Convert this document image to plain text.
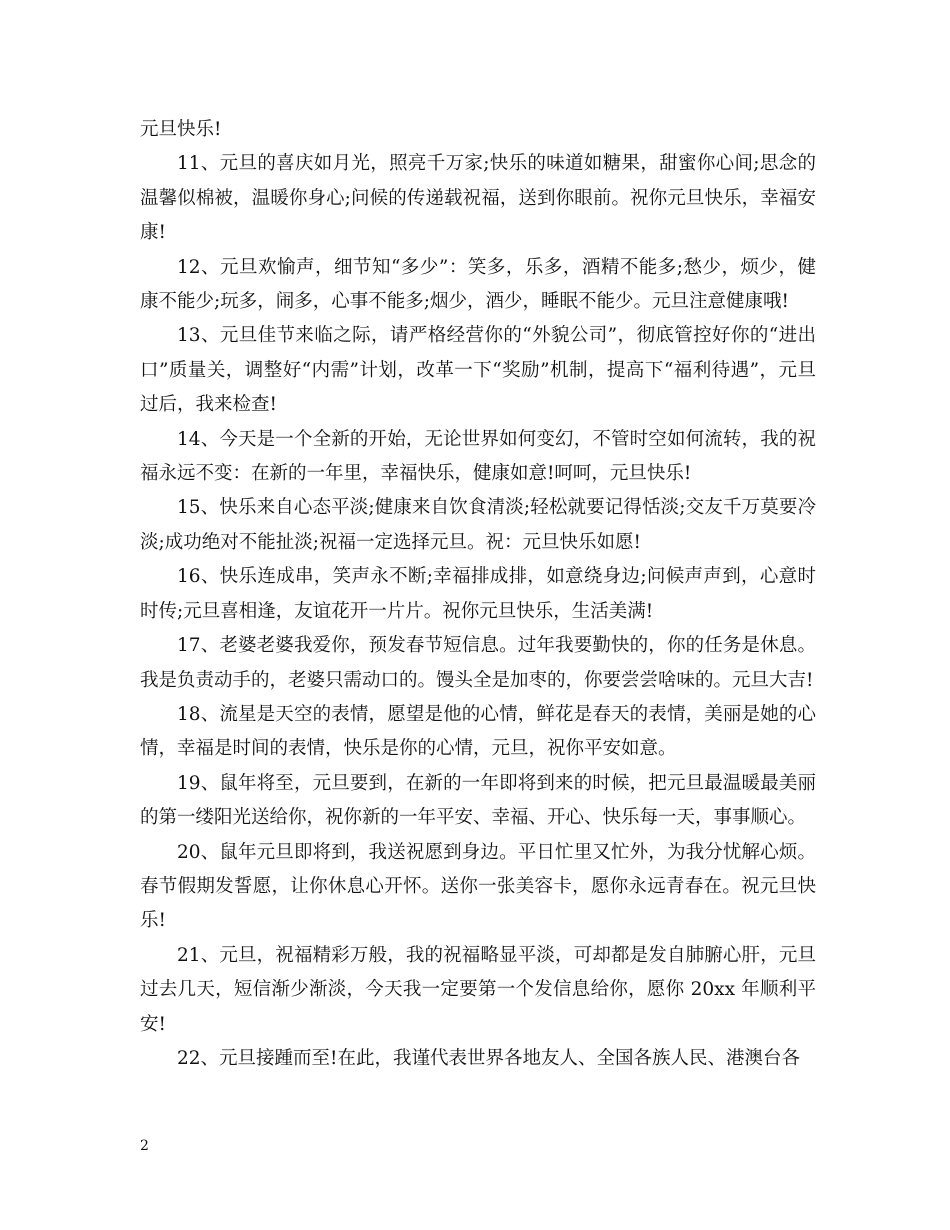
元旦快乐!

11、元旦的喜庆如月光，照亮千万家;快乐的味道如糖果，甜蜜你心间;思念的温馨似棉被，温暖你身心;问候的传递载祝福，送到你眼前。祝你元旦快乐，幸福安康!

12、元旦欢愉声，细节知“多少”：笑多，乐多，酒精不能多;愁少，烦少，健康不能少;玩多，闹多，心事不能多;烟少，酒少，睡眠不能少。元旦注意健康哦!

13、元旦佳节来临之际，请严格经营你的“外貌公司”，彻底管控好你的“进出口”质量关，调整好“内需”计划，改革一下“奖励”机制，提高下“福利待遇”，元旦过后，我来检查!

14、今天是一个全新的开始，无论世界如何变幻，不管时空如何流转，我的祝福永远不变：在新的一年里，幸福快乐，健康如意!呵呵，元旦快乐!

15、快乐来自心态平淡;健康来自饮食清淡;轻松就要记得恬淡;交友千万莫要冷淡;成功绝对不能扯淡;祝福一定选择元旦。祝：元旦快乐如愿!

16、快乐连成串，笑声永不断;幸福排成排，如意绕身边;问候声声到，心意时时传;元旦喜相逢，友谊花开一片片。祝你元旦快乐，生活美满!

17、老婆老婆我爱你，预发春节短信息。过年我要勤快的，你的任务是休息。我是负责动手的，老婆只需动口的。馒头全是加枣的，你要尝尝啥味的。元旦大吉!

18、流星是天空的表情，愿望是他的心情，鲜花是春天的表情，美丽是她的心情，幸福是时间的表情，快乐是你的心情，元旦，祝你平安如意。

19、鼠年将至，元旦要到，在新的一年即将到来的时候，把元旦最温暖最美丽的第一缕阳光送给你，祝你新的一年平安、幸福、开心、快乐每一天，事事顺心。

20、鼠年元旦即将到，我送祝愿到身边。平日忙里又忙外，为我分忧解心烦。春节假期发誓愿，让你休息心开怀。送你一张美容卡，愿你永远青春在。祝元旦快乐!

21、元旦，祝福精彩万般，我的祝福略显平淡，可却都是发自肺腑心肝，元旦过去几天，短信渐少渐淡，今天我一定要第一个发信息给你，愿你 20xx 年顺利平安!

22、元旦接踵而至!在此，我谨代表世界各地友人、全国各族人民、港澳台各

2
